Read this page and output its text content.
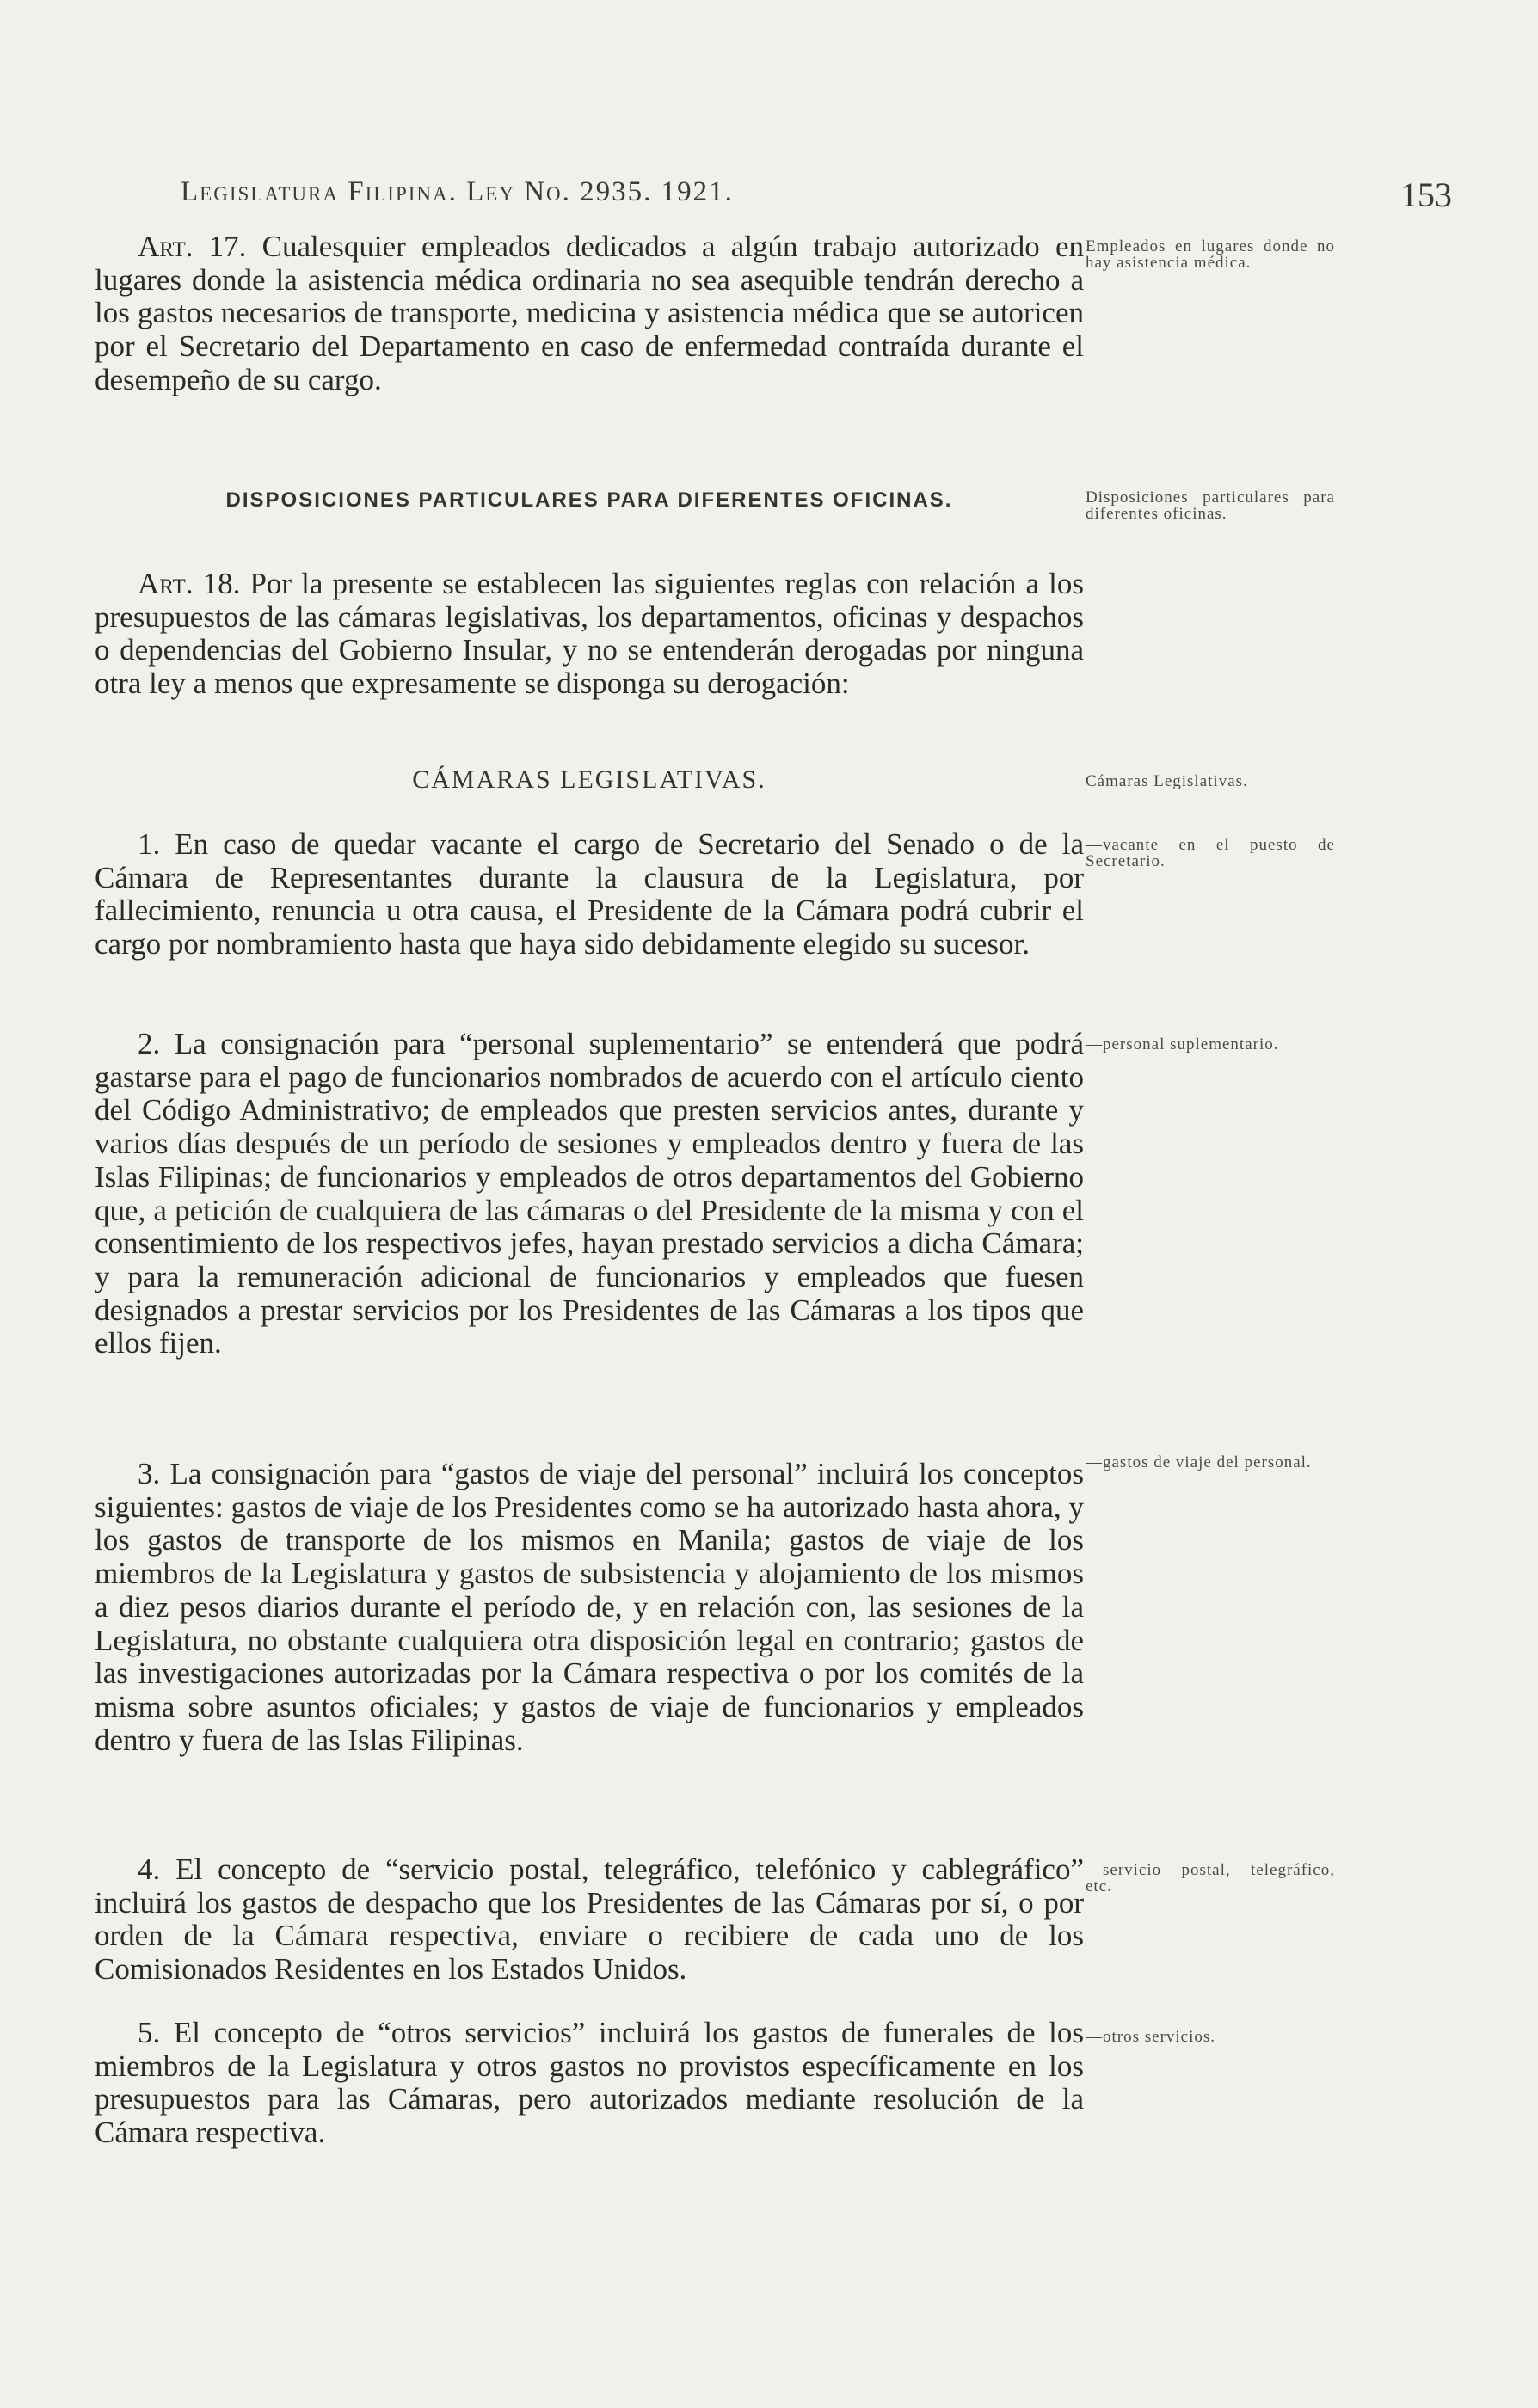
Legislatura Filipina. Ley No. 2935. 1921.	153

Art. 17. Cualesquier empleados dedicados a algún trabajo autorizado en lugares donde la asistencia médica ordinaria no sea asequible tendrán derecho a los gastos necesarios de transporte, medicina y asistencia médica que se autoricen por el Secretario del Departamento en caso de enfermedad contraída durante el desempeño de su cargo.

Empleados en lugares donde no hay asistencia médica.
DISPOSICIONES PARTICULARES PARA DIFERENTES OFICINAS.	Disposiciones particulares para diferentes oficinas.

Art. 18. Por la presente se establecen las siguientes reglas con relación a los presupuestos de las cámaras legislativas, los departamentos, oficinas y despachos o dependencias del Gobierno Insular, y no se entenderán derogadas por ninguna otra ley a menos que expresamente se disponga su derogación:

CÁMARAS LEGISLATIVAS.	Cámaras Legislativas.

1. En caso de quedar vacante el cargo de Secretario del Senado o de la Cámara de Representantes durante la clausura de la Legislatura, por fallecimiento, renuncia u otra causa, el Presidente de la Cámara podrá cubrir el cargo por nombramiento hasta que haya sido debidamente elegido su sucesor.

—vacante en el puesto de Secretario.

2. La consignación para “personal suplementario” se entenderá que podrá gastarse para el pago de funcionarios nombrados de acuerdo con el artículo ciento del Código Administrativo; de empleados que presten servicios antes, durante y varios días después de un período de sesiones y empleados dentro y fuera de las Islas Filipinas; de funcionarios y empleados de otros departamentos del Gobierno que, a petición de cualquiera de las cámaras o del Presidente de la misma y con el consentimiento de los respectivos jefes, hayan prestado servicios a dicha Cámara; y para la remuneración adicional de funcionarios y empleados que fuesen designados a prestar servicios por los Presidentes de las Cámaras a los tipos que ellos fijen.

—personal suplementario.

3. La consignación para “gastos de viaje del personal” incluirá los conceptos siguientes: gastos de viaje de los Presidentes como se ha autorizado hasta ahora, y los gastos de transporte de los mismos en Manila; gastos de viaje de los miembros de la Legislatura y gastos de subsistencia y alojamiento de los mismos a diez pesos diarios durante el período de, y en relación con, las sesiones de la Legislatura, no obstante cualquiera otra disposición legal en contrario; gastos de las investigaciones autorizadas por la Cámara respectiva o por los comités de la misma sobre asuntos oficiales; y gastos de viaje de funcionarios y empleados dentro y fuera de las Islas Filipinas.

—gastos de viaje del personal.

4. El concepto de “servicio postal, telegráfico, telefónico y cablegráfico” incluirá los gastos de despacho que los Presidentes de las Cámaras por sí, o por orden de la Cámara respectiva, enviare o recibiere de cada uno de los Comisionados Residentes en los Estados Unidos.

—servicio postal, telegráfico, etc.

5. El concepto de “otros servicios” incluirá los gastos de funerales de los miembros de la Legislatura y otros gastos no provistos específicamente en los presupuestos para las Cámaras, pero autorizados mediante resolución de la Cámara respectiva.

—otros servicios.
